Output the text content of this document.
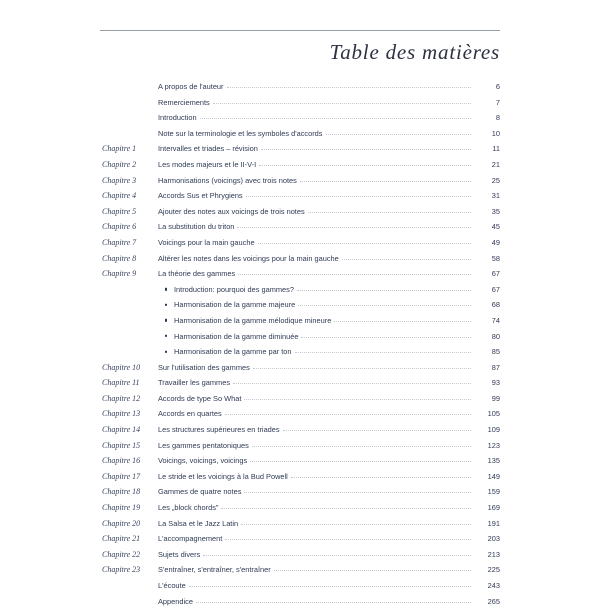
Table des matières
A propos de l'auteur	6
Remerciements	7
Introduction	8
Note sur la terminologie et les symboles d'accords	10
Chapitre 1	Intervalles et triades – révision	11
Chapitre 2	Les modes majeurs et le II-V-I	21
Chapitre 3	Harmonisations (voicings) avec trois notes	25
Chapitre 4	Accords Sus et Phrygiens	31
Chapitre 5	Ajouter des notes aux voicings de trois notes	35
Chapitre 6	La substitution du triton	45
Chapitre 7	Voicings pour la main gauche	49
Chapitre 8	Altérer les notes dans les voicings pour la main gauche	58
Chapitre 9	La théorie des gammes	67
Introduction: pourquoi des gammes?	67
Harmonisation de la gamme majeure	68
Harmonisation de la gamme mélodique mineure	74
Harmonisation de la gamme diminuée	80
Harmonisation de la gamme par ton	85
Chapitre 10	Sur l'utilisation des gammes	87
Chapitre 11	Travailler les gammes	93
Chapitre 12	Accords de type So What	99
Chapitre 13	Accords en quartes	105
Chapitre 14	Les structures supérieures en triades	109
Chapitre 15	Les gammes pentatoniques	123
Chapitre 16	Voicings, voicings, voicings	135
Chapitre 17	Le stride et les voicings à la Bud Powell	149
Chapitre 18	Gammes de quatre notes	159
Chapitre 19	Les „block chords”	169
Chapitre 20	La Salsa et le Jazz Latin	191
Chapitre 21	L'accompagnement	203
Chapitre 22	Sujets divers	213
Chapitre 23	S'entraîner, s'entraîner, s'entraîner	225
L'écoute	243
Appendice	265
